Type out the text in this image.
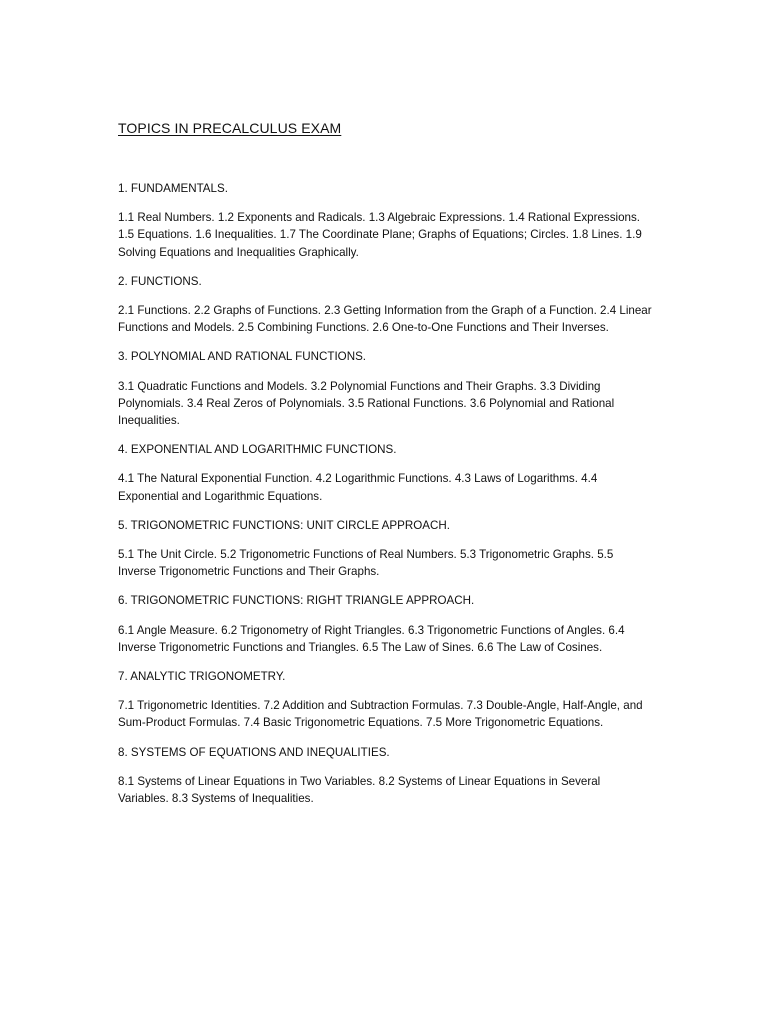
TOPICS IN PRECALCULUS EXAM
1. FUNDAMENTALS.
1.1 Real Numbers. 1.2 Exponents and Radicals. 1.3 Algebraic Expressions. 1.4 Rational Expressions. 1.5 Equations. 1.6 Inequalities. 1.7 The Coordinate Plane; Graphs of Equations; Circles. 1.8 Lines. 1.9 Solving Equations and Inequalities Graphically.
2. FUNCTIONS.
2.1 Functions. 2.2 Graphs of Functions. 2.3 Getting Information from the Graph of a Function. 2.4 Linear Functions and Models. 2.5 Combining Functions. 2.6 One-to-One Functions and Their Inverses.
3. POLYNOMIAL AND RATIONAL FUNCTIONS.
3.1 Quadratic Functions and Models. 3.2 Polynomial Functions and Their Graphs. 3.3 Dividing Polynomials. 3.4 Real Zeros of Polynomials. 3.5 Rational Functions. 3.6 Polynomial and Rational Inequalities.
4. EXPONENTIAL AND LOGARITHMIC FUNCTIONS.
4.1 The Natural Exponential Function. 4.2 Logarithmic Functions. 4.3 Laws of Logarithms. 4.4 Exponential and Logarithmic Equations.
5. TRIGONOMETRIC FUNCTIONS: UNIT CIRCLE APPROACH.
5.1 The Unit Circle. 5.2 Trigonometric Functions of Real Numbers. 5.3 Trigonometric Graphs. 5.5 Inverse Trigonometric Functions and Their Graphs.
6. TRIGONOMETRIC FUNCTIONS: RIGHT TRIANGLE APPROACH.
6.1 Angle Measure. 6.2 Trigonometry of Right Triangles. 6.3 Trigonometric Functions of Angles. 6.4 Inverse Trigonometric Functions and Triangles. 6.5 The Law of Sines. 6.6 The Law of Cosines.
7. ANALYTIC TRIGONOMETRY.
7.1 Trigonometric Identities. 7.2 Addition and Subtraction Formulas. 7.3 Double-Angle, Half-Angle, and Sum-Product Formulas. 7.4 Basic Trigonometric Equations. 7.5 More Trigonometric Equations.
8. SYSTEMS OF EQUATIONS AND INEQUALITIES.
8.1 Systems of Linear Equations in Two Variables. 8.2 Systems of Linear Equations in Several Variables. 8.3 Systems of Inequalities.
